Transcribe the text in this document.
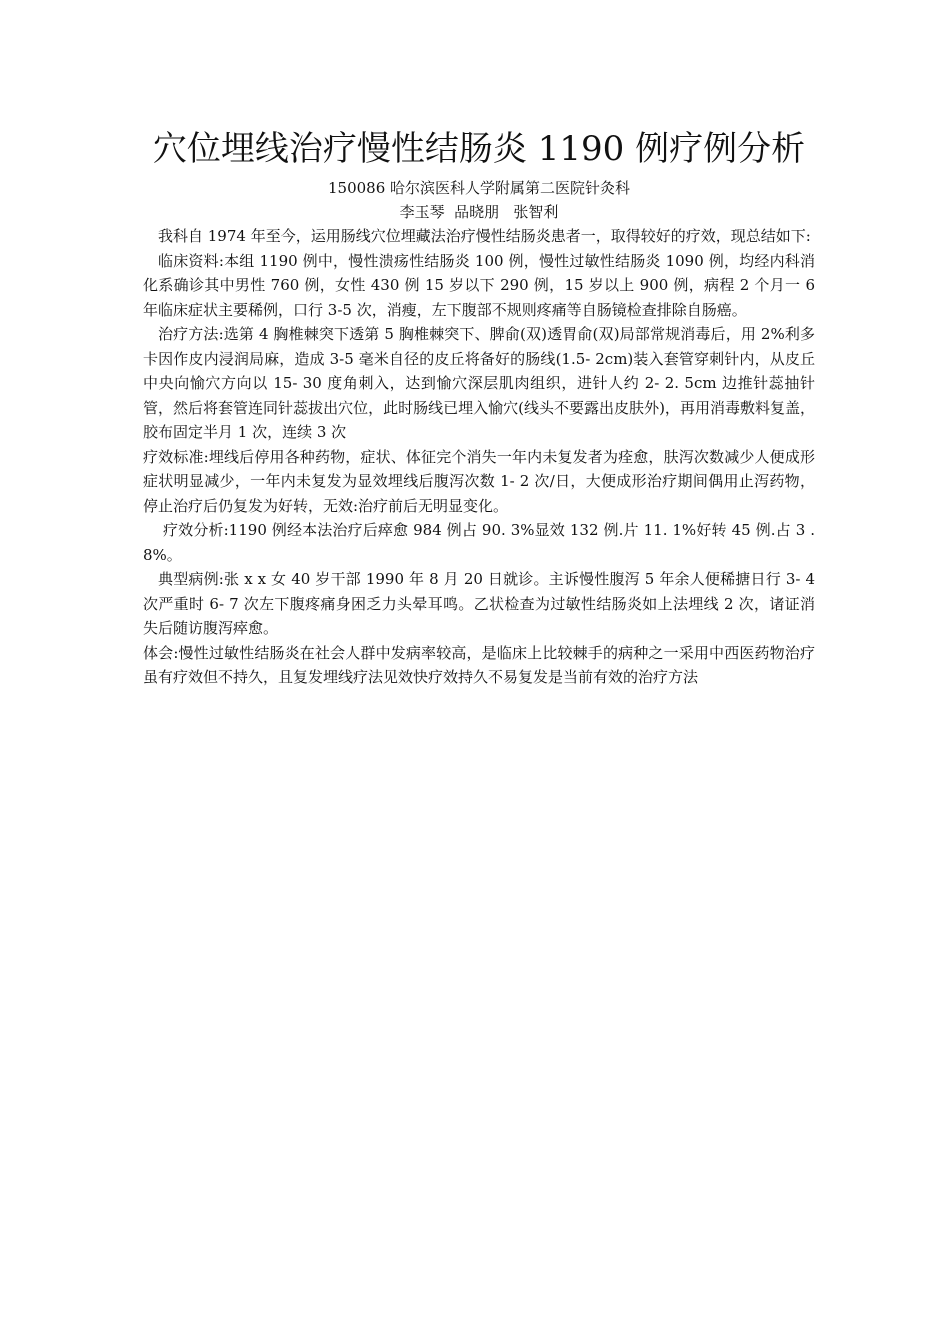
穴位埋线治疗慢性结肠炎 1190 例疗例分析

150086 哈尔滨医科人学附属第二医院针灸科

李玉琴  品晓朋   张智利

我科自 1974 年至今，运用肠线穴位埋藏法治疗慢性结肠炎患者一，取得较好的疗效，现总结如下:

临床资料:本组 1190 例中，慢性溃疡性结肠炎 100 例，慢性过敏性结肠炎 1090 例，均经内科消化系确诊其中男性 760 例，女性 430 例 15 岁以下 290 例，15 岁以上 900 例，病程 2 个月一 6 年临床症状主要稀例，口行 3-5 次，消瘦，左下腹部不规则疼痛等自肠镜检查排除自肠癌。

治疗方法:选第 4 胸椎棘突下透第 5 胸椎棘突下、脾俞(双)透胃俞(双)局部常规消毒后，用 2%利多卡因作皮内浸润局麻，造成 3-5 毫米自径的皮丘将备好的肠线(1.5- 2cm)装入套管穿刺针内，从皮丘中央向愉穴方向以 15- 30 度角刺入，达到愉穴深层肌肉组织，进针人约 2- 2. 5cm 边推针蕊抽针管，然后将套管连同针蕊拔出穴位，此时肠线已埋入愉穴(线头不要露出皮肤外)，再用消毒敷料复盖，胶布固定半月 1 次，连续 3 次

疗效标准:埋线后停用各种药物，症状、体征完个消失一年内未复发者为痊愈，肤泻次数减少人便成形症状明显减少，一年内未复发为显效埋线后腹泻次数 1- 2 次/日，大便成形治疗期间偶用止泻药物，停止治疗后仍复发为好转，无效:治疗前后无明显变化。

疗效分析:1190 例经本法治疗后瘁愈 984 例占 90. 3%显效 132 例.片 11. 1%好转 45 例.占 3 .8%。

典型病例:张 x x 女 40 岁干部 1990 年 8 月 20 日就诊。主诉慢性腹泻 5 年余人便稀搪日行 3- 4 次严重时 6- 7 次左下腹疼痛身困乏力头晕耳鸣。乙状检查为过敏性结肠炎如上法埋线 2 次，诸证消失后随访腹泻瘁愈。

体会:慢性过敏性结肠炎在社会人群中发病率较高，是临床上比较棘手的病种之一采用中西医药物治疗虽有疗效但不持久，且复发埋线疗法见效快疗效持久不易复发是当前有效的治疗方法
